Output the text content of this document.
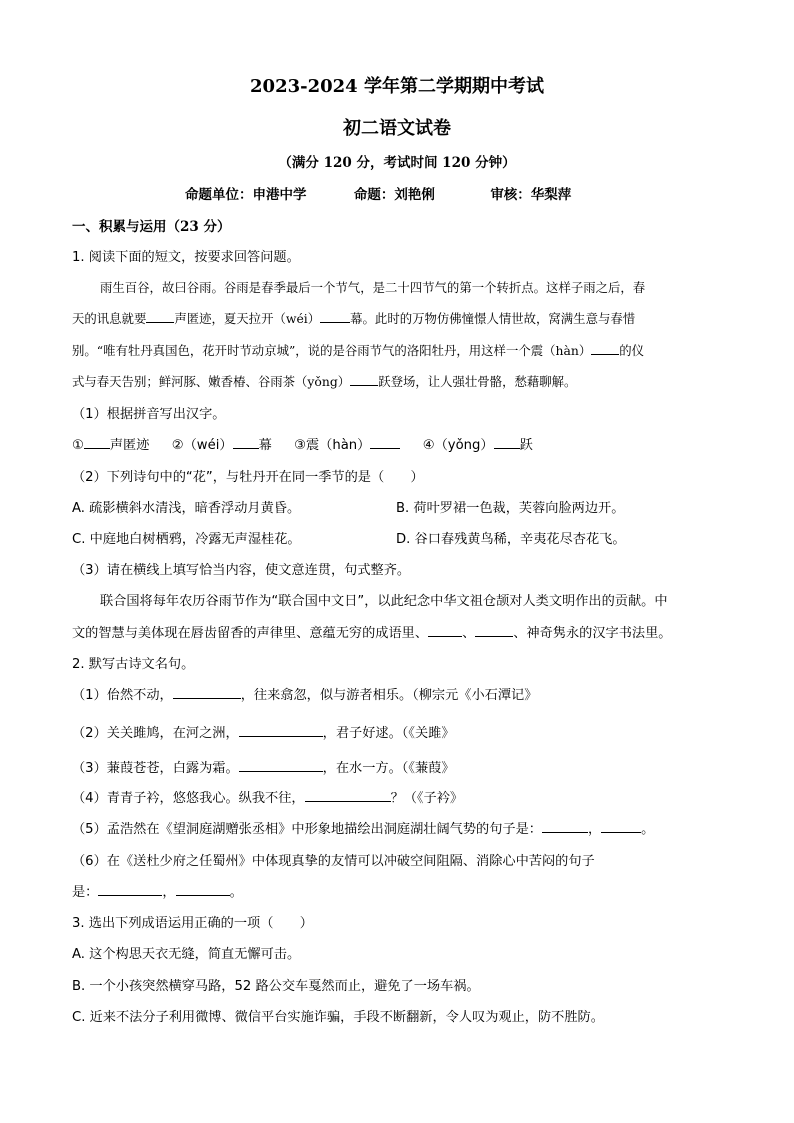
2023-2024 学年第二学期期中考试
初二语文试卷
（满分 120 分，考试时间 120 分钟）
命题单位：申港中学	命题：刘艳俐	审核：华梨萍
一、积累与运用（23 分）
1. 阅读下面的短文，按要求回答问题。
雨生百谷，故曰谷雨。谷雨是春季最后一个节气，是二十四节气的第一个转折点。这样子雨之后，春
天的讯息就要 声匿迹，夏天拉开（wéi） 幕。此时的万物仿佛憧憬人情世故，窝满生意与春惜
别。“唯有牡丹真国色，花开时节动京城”，说的是谷雨节气的洛阳牡丹，用这样一个震（hàn） 的仪
式与春天告别；鲜河豚、嫩香椿、谷雨茶（yǒng） 跃登场，让人强壮骨骼，愁藉聊解。
（1）根据拼音写出汉字。
① 声匿迹 ②（wéi） 幕 ③震（hàn）	④（yǒng） 跃
（2）下列诗句中的“花”，与牡丹开在同一季节的是（　　）
A. 疏影横斜水清浅，暗香浮动月黄昏。	B. 荷叶罗裙一色裁，芙蓉向脸两边开。
C. 中庭地白树栖鸦，冷露无声湿桂花。	D. 谷口春残黄鸟稀，辛夷花尽杏花飞。
（3）请在横线上填写恰当内容，使文意连贯，句式整齐。
联合国将每年农历谷雨节作为“联合国中文日”，以此纪念中华文祖仓颉对人类文明作出的贡献。中
文的智慧与美体现在唇齿留香的声律里、意蕴无穷的成语里、	、	、神奇隽永的汉字书法里。
2. 默写古诗文名句。
（1）佁然不动，	，往来翕忽，似与游者相乐。（柳宗元《小石潭记》
（2）关关雎鸠，在河之洲，	，君子好逑。（《关雎》
（3）蒹葭苍苍，白露为霜。	，在水一方。（《蒹葭》
（4）青青子衿，悠悠我心。纵我不往，	？（《子衿》
（5）孟浩然在《望洞庭湖赠张丞相》中形象地描绘出洞庭湖壮阔气势的句子是：	，	。
（6）在《送杜少府之任蜀州》中体现真挚的友情可以冲破空间阻隔、消除心中苦闷的句子
是：	，	。
3. 选出下列成语运用正确的一项（　　）
A. 这个构思天衣无缝，简直无懈可击。
B. 一个小孩突然横穿马路，52 路公交车戛然而止，避免了一场车祸。
C. 近来不法分子利用微博、微信平台实施诈骗，手段不断翻新，令人叹为观止，防不胜防。
